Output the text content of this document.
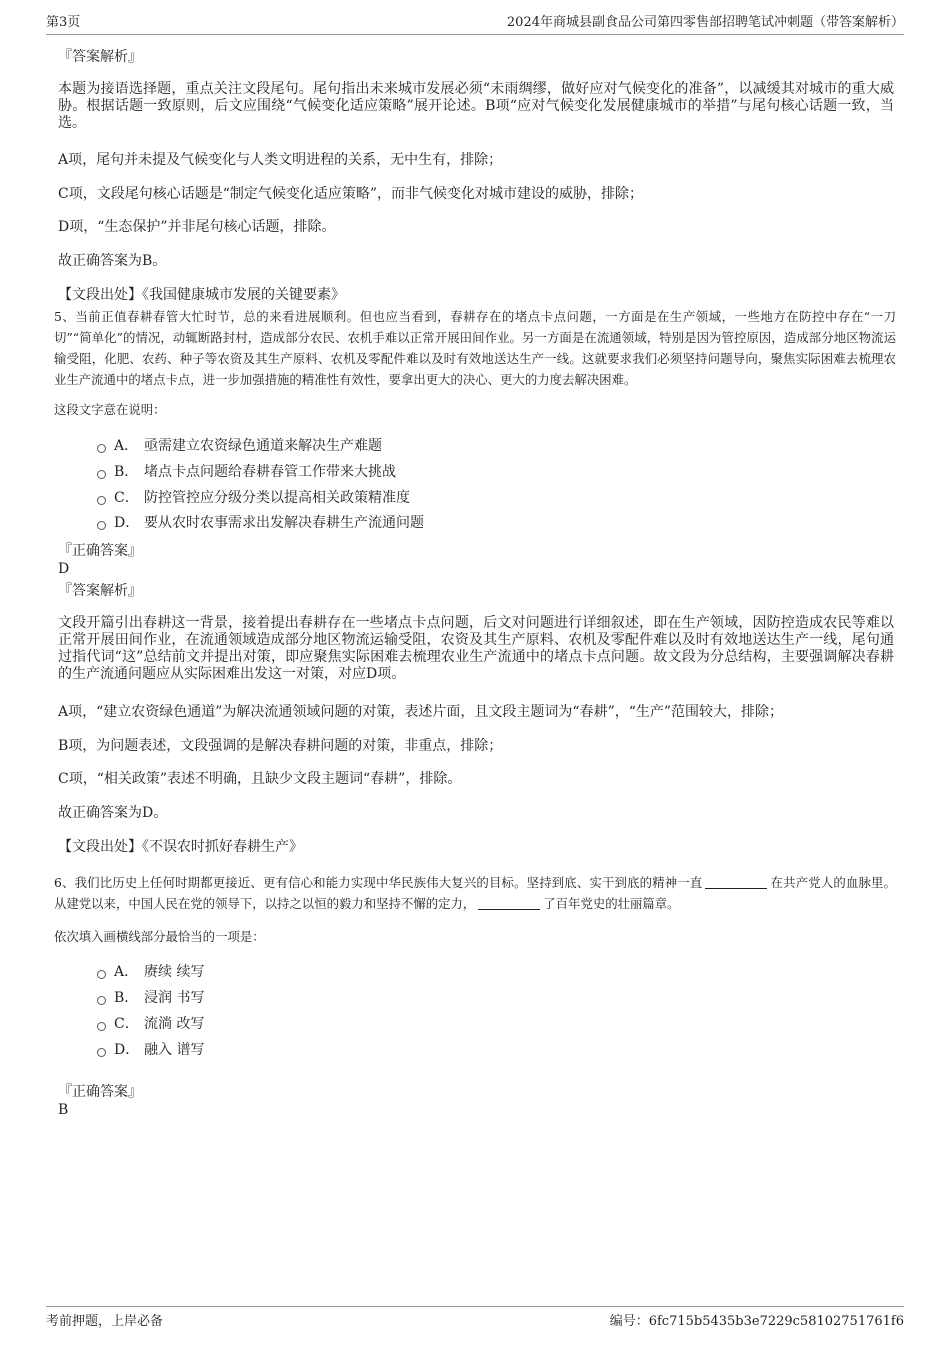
第3页	2024年商城县副食品公司第四零售部招聘笔试冲刺题（带答案解析）
『答案解析』
本题为接语选择题，重点关注文段尾句。尾句指出未来城市发展必须“未雨绸缪，做好应对气候变化的准备”，以减缓其对城市的重大威胁。根据话题一致原则，后文应围绕“气候变化适应策略”展开论述。B项“应对气候变化发展健康城市的举措”与尾句核心话题一致，当选。
A项，尾句并未提及气候变化与人类文明进程的关系，无中生有，排除；
C项，文段尾句核心话题是“制定气候变化适应策略”，而非气候变化对城市建设的威胁，排除；
D项，“生态保护”并非尾句核心话题，排除。
故正确答案为B。
【文段出处】《我国健康城市发展的关键要素》
5、当前正值春耕春管大忙时节，总的来看进展顺利。但也应当看到，春耕存在的堵点卡点问题，一方面是在生产领域，一些地方在防控中存在“一刀切”“简单化”的情况，动辄断路封村，造成部分农民、农机手难以正常开展田间作业。另一方面是在流通领域，特别是因为管控原因，造成部分地区物流运输受阻，化肥、农药、种子等农资及其生产原料、农机及零配件难以及时有效地送达生产一线。这就要求我们必须坚持问题导向，聚焦实际困难去梳理农业生产流通中的堵点卡点，进一步加强措施的精准性有效性，要拿出更大的决心、更大的力度去解决困难。
这段文字意在说明：
A． 亟需建立农资绿色通道来解决生产难题
B． 堵点卡点问题给春耕春管工作带来大挑战
C． 防控管控应分级分类以提高相关政策精准度
D． 要从农时农事需求出发解决春耕生产流通问题
『正确答案』
D
『答案解析』
文段开篇引出春耕这一背景，接着提出春耕存在一些堵点卡点问题，后文对问题进行详细叙述，即在生产领域，因防控造成农民等难以正常开展田间作业，在流通领域造成部分地区物流运输受阻，农资及其生产原料、农机及零配件难以及时有效地送达生产一线，尾句通过指代词“这”总结前文并提出对策，即应聚焦实际困难去梳理农业生产流通中的堵点卡点问题。故文段为分总结构，主要强调解决春耕的生产流通问题应从实际困难出发这一对策，对应D项。
A项，“建立农资绿色通道”为解决流通领域问题的对策，表述片面，且文段主题词为“春耕”，“生产”范围较大，排除；
B项，为问题表述，文段强调的是解决春耕问题的对策，非重点，排除；
C项，“相关政策”表述不明确，且缺少文段主题词“春耕”，排除。
故正确答案为D。
【文段出处】《不误农时抓好春耕生产》
6、我们比历史上任何时期都更接近、更有信心和能力实现中华民族伟大复兴的目标。坚持到底、实干到底的精神一直	在共产党人的血脉里。从建党以来，中国人民在党的领导下，以持之以恒的毅力和坚持不懈的定力，	了百年党史的壮丽篇章。
依次填入画横线部分最恰当的一项是：
A． 赓续 续写
B． 浸润 书写
C． 流淌 改写
D． 融入 谱写
『正确答案』
B
考前押题，上岸必备	编号：6fc715b5435b3e7229c58102751761f6
